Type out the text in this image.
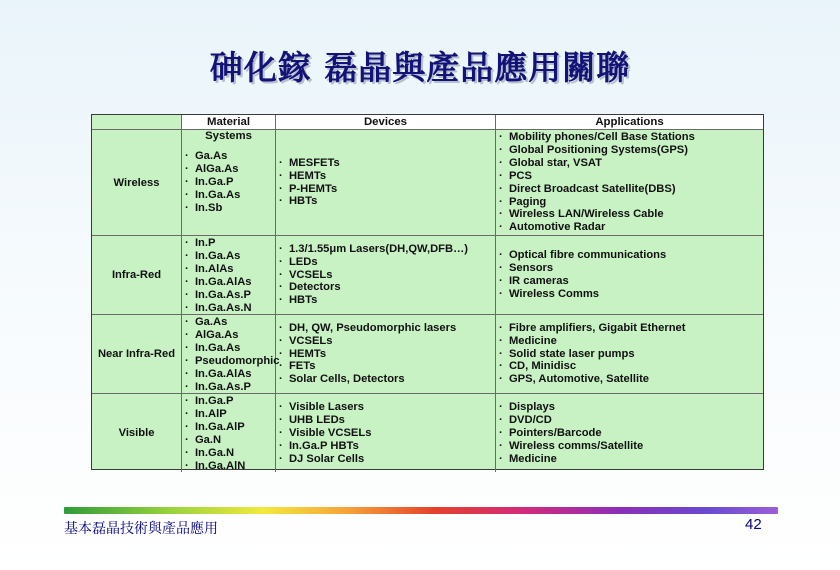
砷化鎵 磊晶與產品應用關聯
Material Systems
Devices	Applications
Wireless
·  Ga.As
·  AlGa.As
·  In.Ga.P
·  In.Ga.As
·  In.Sb
·  MESFETs
·  HEMTs
·  P-HEMTs
·  HBTs
·  Mobility phones/Cell Base Stations
·  Global Positioning Systems(GPS)
·  Global star, VSAT
·  PCS
·  Direct Broadcast Satellite(DBS)
·  Paging
·  Wireless LAN/Wireless Cable
·  Automotive Radar
Infra-Red
·  In.P
·  In.Ga.As
·  In.AlAs
·  In.Ga.AlAs
·  In.Ga.As.P
·  In.Ga.As.N
·  1.3/1.55μm Lasers(DH,QW,DFB…)
·  LEDs
·  VCSELs
·  Detectors
·  HBTs
·  Optical fibre communications
·  Sensors
·  IR cameras
·  Wireless Comms
Near Infra-Red
·  Ga.As
·  AlGa.As
·  In.Ga.As
·  Pseudomorphic
·  In.Ga.AlAs
·  In.Ga.As.P
·  DH, QW, Pseudomorphic lasers
·  VCSELs
·  HEMTs
·  FETs
·  Solar Cells, Detectors
·  Fibre amplifiers, Gigabit Ethernet
·  Medicine
·  Solid state laser pumps
·  CD, Minidisc
·  GPS, Automotive, Satellite
Visible
·  In.Ga.P
·  In.AlP
·  In.Ga.AlP
·  Ga.N
·  In.Ga.N
·  In.Ga.AlN
·  Visible Lasers
·  UHB LEDs
·  Visible VCSELs
·  In.Ga.P HBTs
·  DJ Solar Cells
·  Displays
·  DVD/CD
·  Pointers/Barcode
·  Wireless comms/Satellite
·  Medicine
基本磊晶技術與產品應用	42
